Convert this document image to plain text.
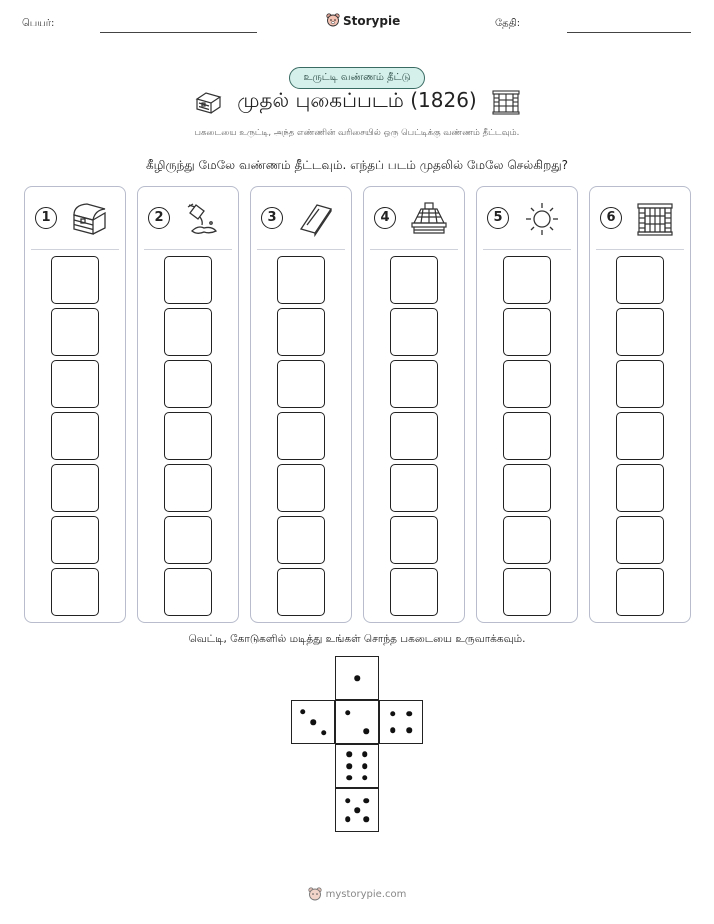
பெயர்:	Storypie	தேதி:
உருட்டி வண்ணம் தீட்டு
முதல் புகைப்படம் (1826)
பகடையை உருட்டி, அந்த எண்ணின் வரிசையில் ஒரு பெட்டிக்கு வண்ணம் தீட்டவும்.
கீழிருந்து மேலே வண்ணம் தீட்டவும். எந்தப் படம் முதலில் மேலே செல்கிறது?
1	2	3	4	5	6
வெட்டி, கோடுகளில் மடித்து உங்கள் சொந்த பகடையை உருவாக்கவும்.
mystorypie.com
